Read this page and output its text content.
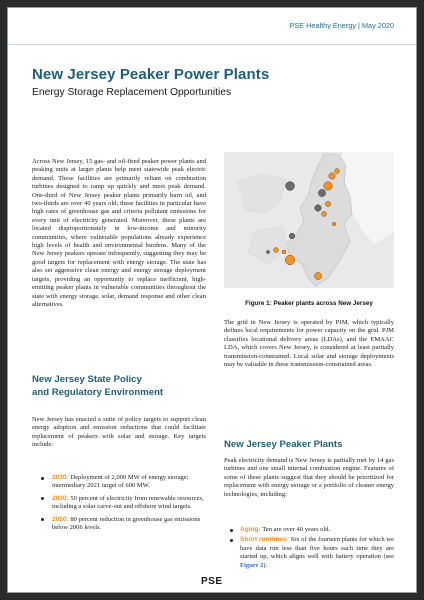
PSE Healthy Energy | May 2020
New Jersey Peaker Power Plants
Energy Storage Replacement Opportunities

Across New Jersey, 15 gas- and oil-fired peaker power plants and peaking units at larger plants help meet statewide peak electric demand. These facilities are primarily reliant on combustion turbines designed to ramp up quickly and meet peak demand. One-third of New Jersey peaker plants primarily burn oil, and two-thirds are over 40 years old; these facilities in particular have high rates of greenhouse gas and criteria pollutant emissions for every unit of electricity generated. Moreover, these plants are located disproportionately in low-income and minority communities, where vulnerable populations already experience high levels of health and environmental burdens. Many of the New Jersey peakers operate infrequently, suggesting they may be good targets for replacement with energy storage. The state has also set aggressive clean energy and energy storage deployment targets, providing an opportunity to replace inefficient, high-emitting peaker plants in vulnerable communities throughout the state with energy storage, solar, demand response and other clean alternatives.

New Jersey State Policy
and Regulatory Environment

New Jersey has enacted a suite of policy targets to support clean energy adoption and emission reductions that could facilitate replacement of peakers with solar and storage. Key targets include:

2030: Deployment of 2,000 MW of energy storage; intermediary 2021 target of 600 MW.
2030: 50 percent of electricity from renewable resources, including a solar carve-out and offshore wind targets.
2050: 80 percent reduction in greenhouse gas emissions below 2006 levels.
Figure 1: Peaker plants across New Jersey

The grid in New Jersey is operated by PJM, which typically defines local requirements for power capacity on the grid. PJM classifies locational delivery areas (LDAs), and the EMAAC LDA, which covers New Jersey, is considered at least partially transmission-constrained. Local solar and storage deployments may be valuable in these transmission-constrained areas.

New Jersey Peaker Plants

Peak electricity demand is New Jersey is partially met by 14 gas turbines and one small internal combustion engine. Features of some of these plants suggest that they should be prioritized for replacement with energy storage or a portfolio of cleaner energy technologies, including:

Aging: Ten are over 40 years old.
Short runtimes: Six of the fourteen plants for which we have data run less than five hours each time they are started up, which aligns well with battery operation (see Figure 2).
PSE
